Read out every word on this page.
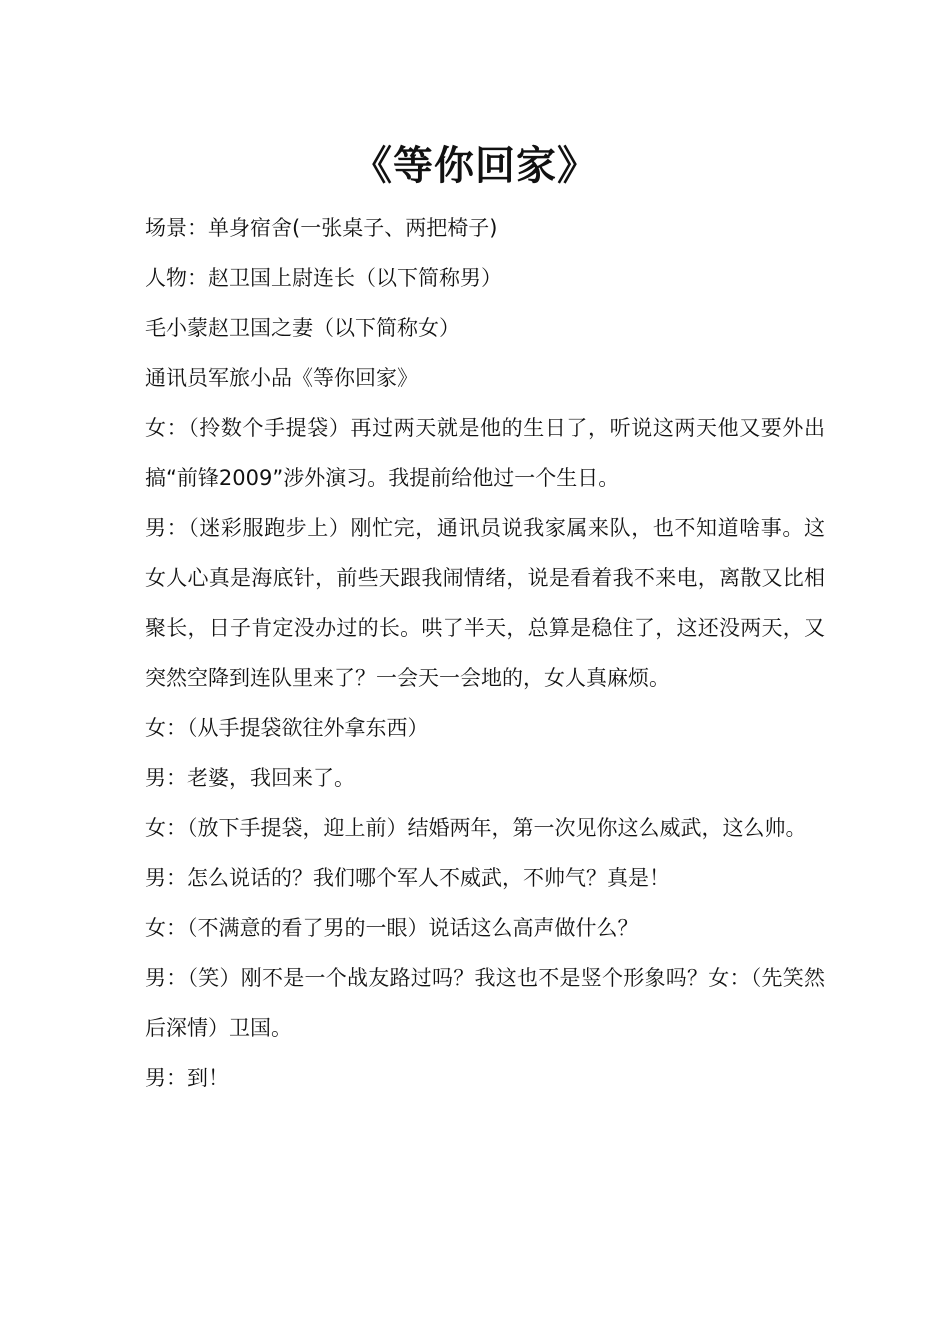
《等你回家》

场景：单身宿舍(一张桌子、两把椅子)

人物：赵卫国上尉连长（以下简称男）

毛小蒙赵卫国之妻（以下简称女）

通讯员军旅小品《等你回家》

女：（拎数个手提袋）再过两天就是他的生日了，听说这两天他又要外出搞“前锋2009”涉外演习。我提前给他过一个生日。

男：（迷彩服跑步上）刚忙完，通讯员说我家属来队，也不知道啥事。这女人心真是海底针，前些天跟我闹情绪，说是看着我不来电，离散又比相聚长，日子肯定没办过的长。哄了半天，总算是稳住了，这还没两天，又突然空降到连队里来了？一会天一会地的，女人真麻烦。

女：（从手提袋欲往外拿东西）

男：老婆，我回来了。

女：（放下手提袋，迎上前）结婚两年，第一次见你这么威武，这么帅。

男：怎么说话的？我们哪个军人不威武，不帅气？真是！

女：（不满意的看了男的一眼）说话这么高声做什么？

男：（笑）刚不是一个战友路过吗？我这也不是竖个形象吗？女：（先笑然后深情）卫国。

男：到！
